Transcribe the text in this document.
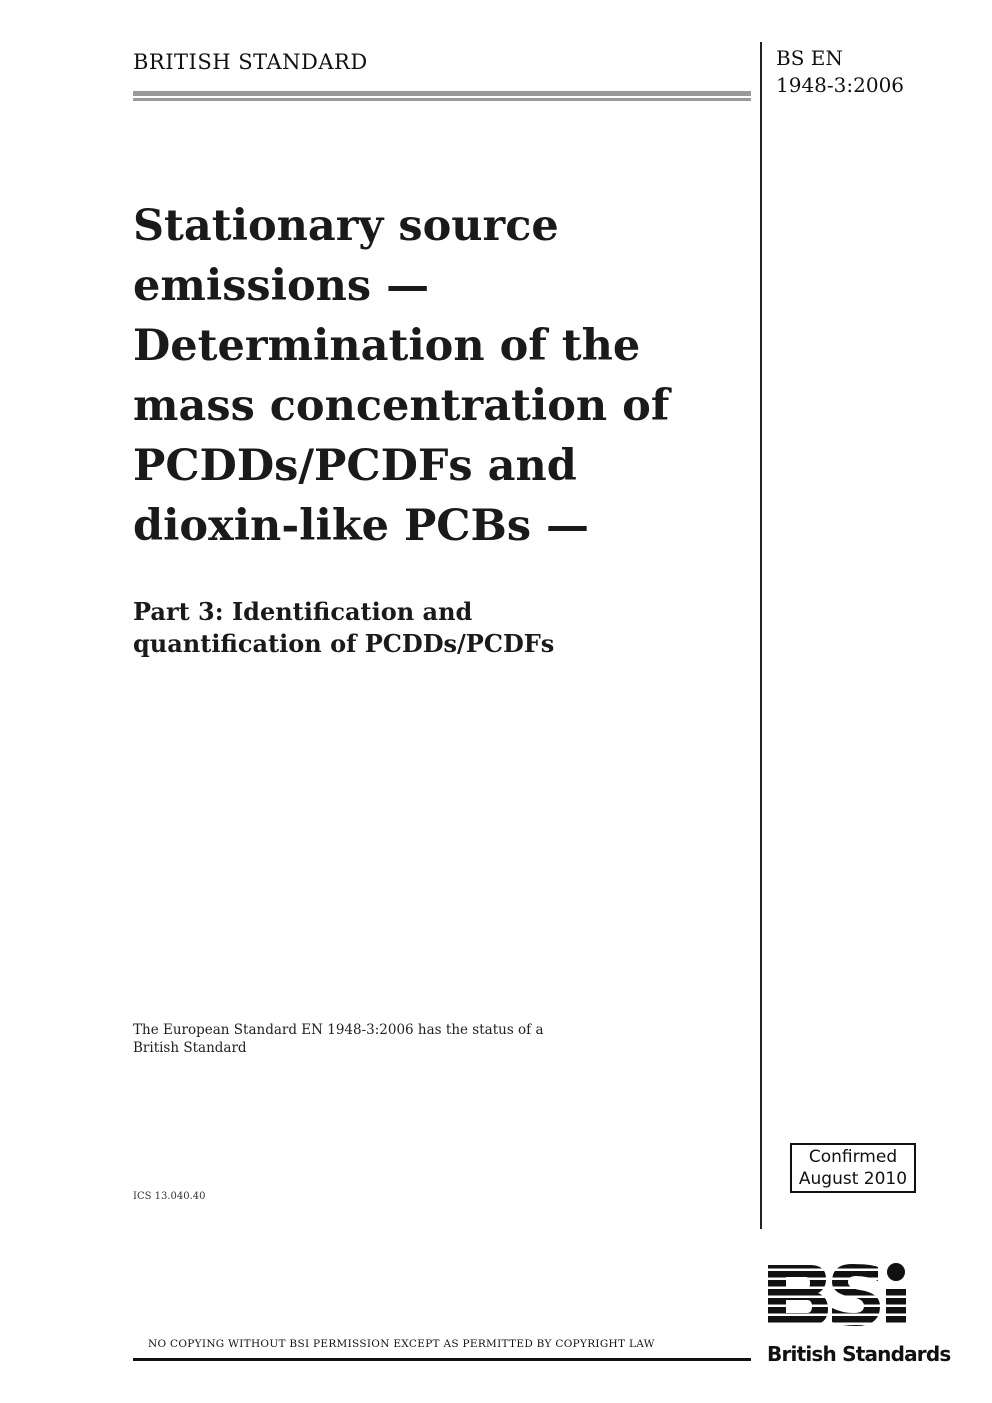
BRITISH STANDARD	BS EN
1948-3:2006
Stationary source
emissions —
Determination of the
mass concentration of
PCDDs/PCDFs and
dioxin-like PCBs —
Part 3: Identification and
quantification of PCDDs/PCDFs
The European Standard EN 1948-3:2006 has the status of a
British Standard
ICS 13.040.40
Confirmed
August 2010
British Standards
NO COPYING WITHOUT BSI PERMISSION EXCEPT AS PERMITTED BY COPYRIGHT LAW
